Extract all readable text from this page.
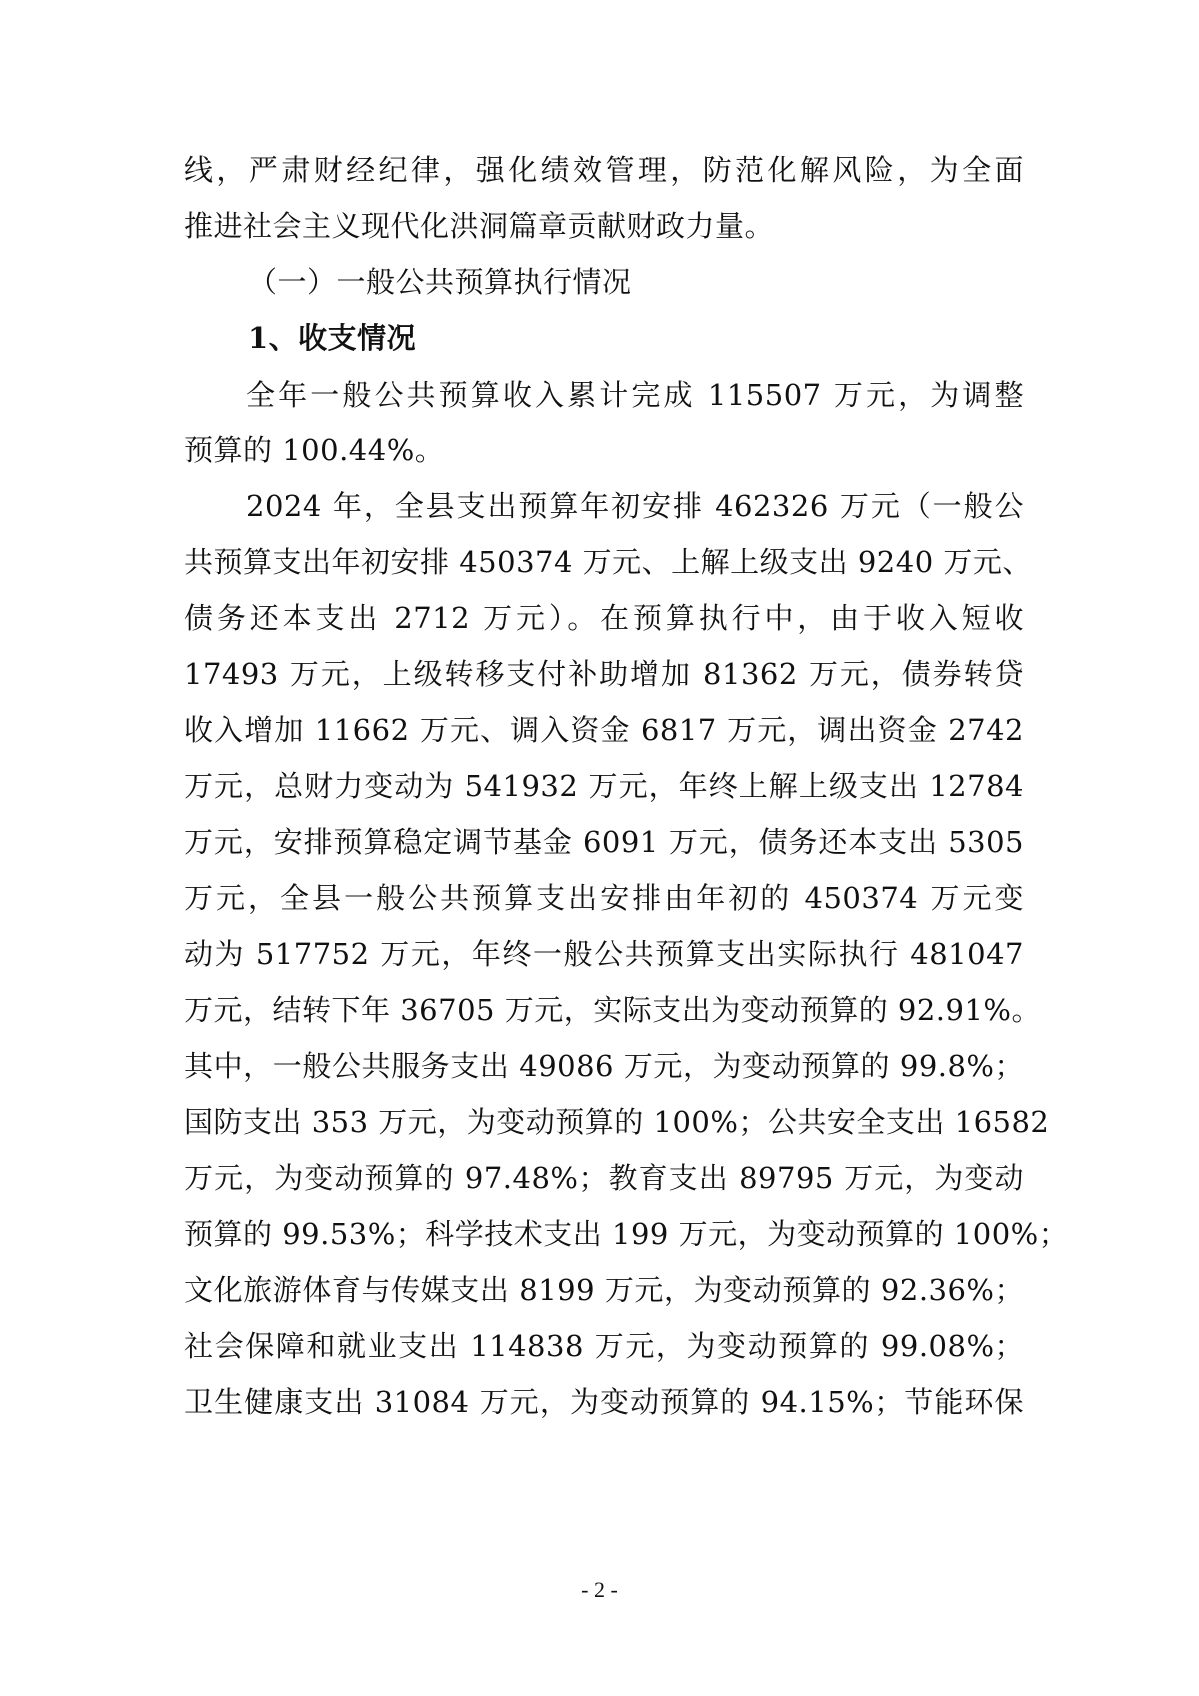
线，严肃财经纪律，强化绩效管理，防范化解风险，为全面
推进社会主义现代化洪洞篇章贡献财政力量。
（一）一般公共预算执行情况
1、收支情况
全年一般公共预算收入累计完成 115507 万元，为调整
预算的 100.44%。
2024 年，全县支出预算年初安排 462326 万元（一般公
共预算支出年初安排 450374 万元、上解上级支出 9240 万元、
债务还本支出 2712 万元）。在预算执行中，由于收入短收
17493 万元，上级转移支付补助增加 81362 万元，债券转贷
收入增加 11662 万元、调入资金 6817 万元，调出资金 2742
万元，总财力变动为 541932 万元，年终上解上级支出 12784
万元，安排预算稳定调节基金 6091 万元，债务还本支出 5305
万元，全县一般公共预算支出安排由年初的 450374 万元变
动为 517752 万元，年终一般公共预算支出实际执行 481047
万元，结转下年 36705 万元，实际支出为变动预算的 92.91%。
其中，一般公共服务支出 49086 万元，为变动预算的 99.8%；
国防支出 353 万元，为变动预算的 100%；公共安全支出 16582
万元，为变动预算的 97.48%；教育支出 89795 万元，为变动
预算的 99.53%；科学技术支出 199 万元，为变动预算的 100%；
文化旅游体育与传媒支出 8199 万元，为变动预算的 92.36%；
社会保障和就业支出 114838 万元，为变动预算的 99.08%；
卫生健康支出 31084 万元，为变动预算的 94.15%；节能环保
- 2 -
